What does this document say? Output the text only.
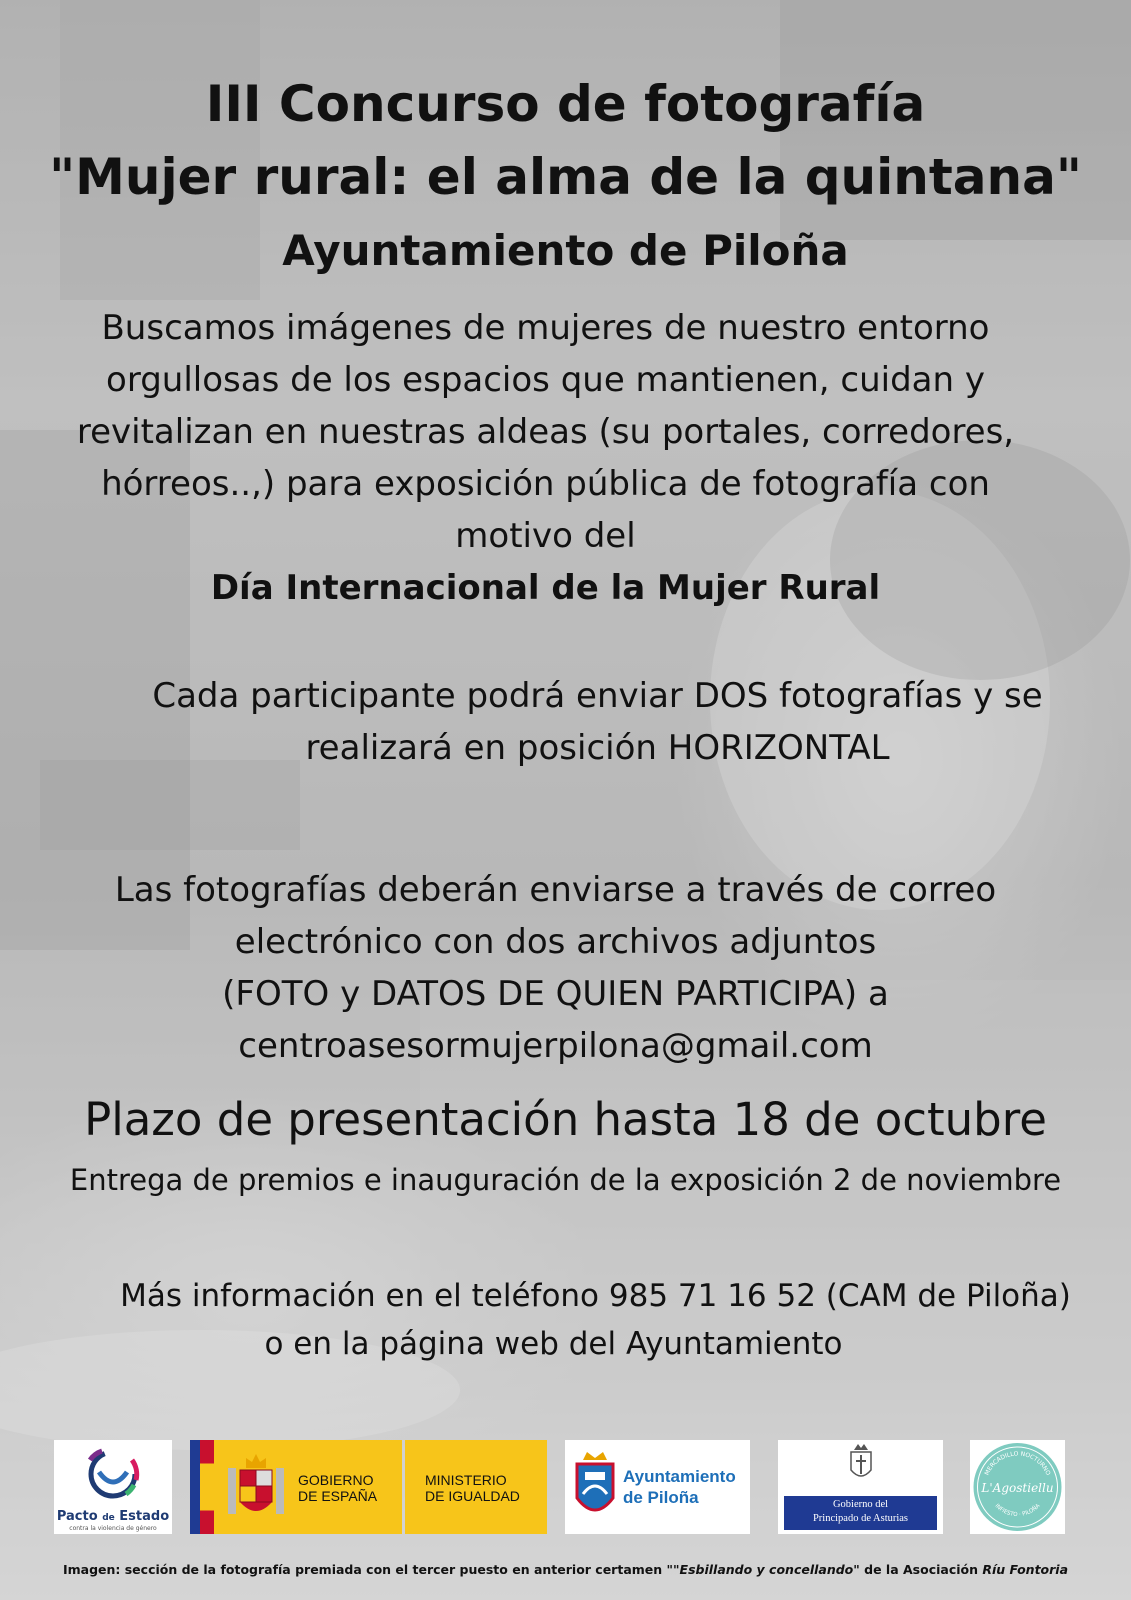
III Concurso de fotografía

"Mujer rural: el alma de la quintana"

Ayuntamiento de Piloña

Buscamos imágenes de mujeres de nuestro entorno
orgullosas de los espacios que mantienen, cuidan y
revitalizan en nuestras aldeas (su portales, corredores,
hórreos..,) para exposición pública de fotografía con
motivo del
Día Internacional de la Mujer Rural
Cada participante podrá enviar DOS fotografías y se
realizará en posición HORIZONTAL
Las fotografías deberán enviarse a través de correo
electrónico con dos archivos adjuntos
(FOTO y DATOS DE QUIEN PARTICIPA) a
centroasesormujerpilona@gmail.com

Plazo de presentación hasta 18 de octubre

Entrega de premios e inauguración de la exposición 2 de noviembre

Más información en el teléfono 985 71 16 52 (CAM de Piloña)
o en la página web del Ayuntamiento
Pacto de Estado
contra la violencia de género
GOBIERNO
DE ESPAÑA
MINISTERIO
DE IGUALDAD
Ayuntamiento
de Piloña	Gobierno del
Principado de Asturias
MERCADILLO NOCTURNO
L'Agostiellu
INFIESTO · PILOÑA
Imagen: sección de la fotografía premiada con el tercer puesto en anterior certamen ""Esbillando y concellando" de la Asociación Ríu Fontoria
